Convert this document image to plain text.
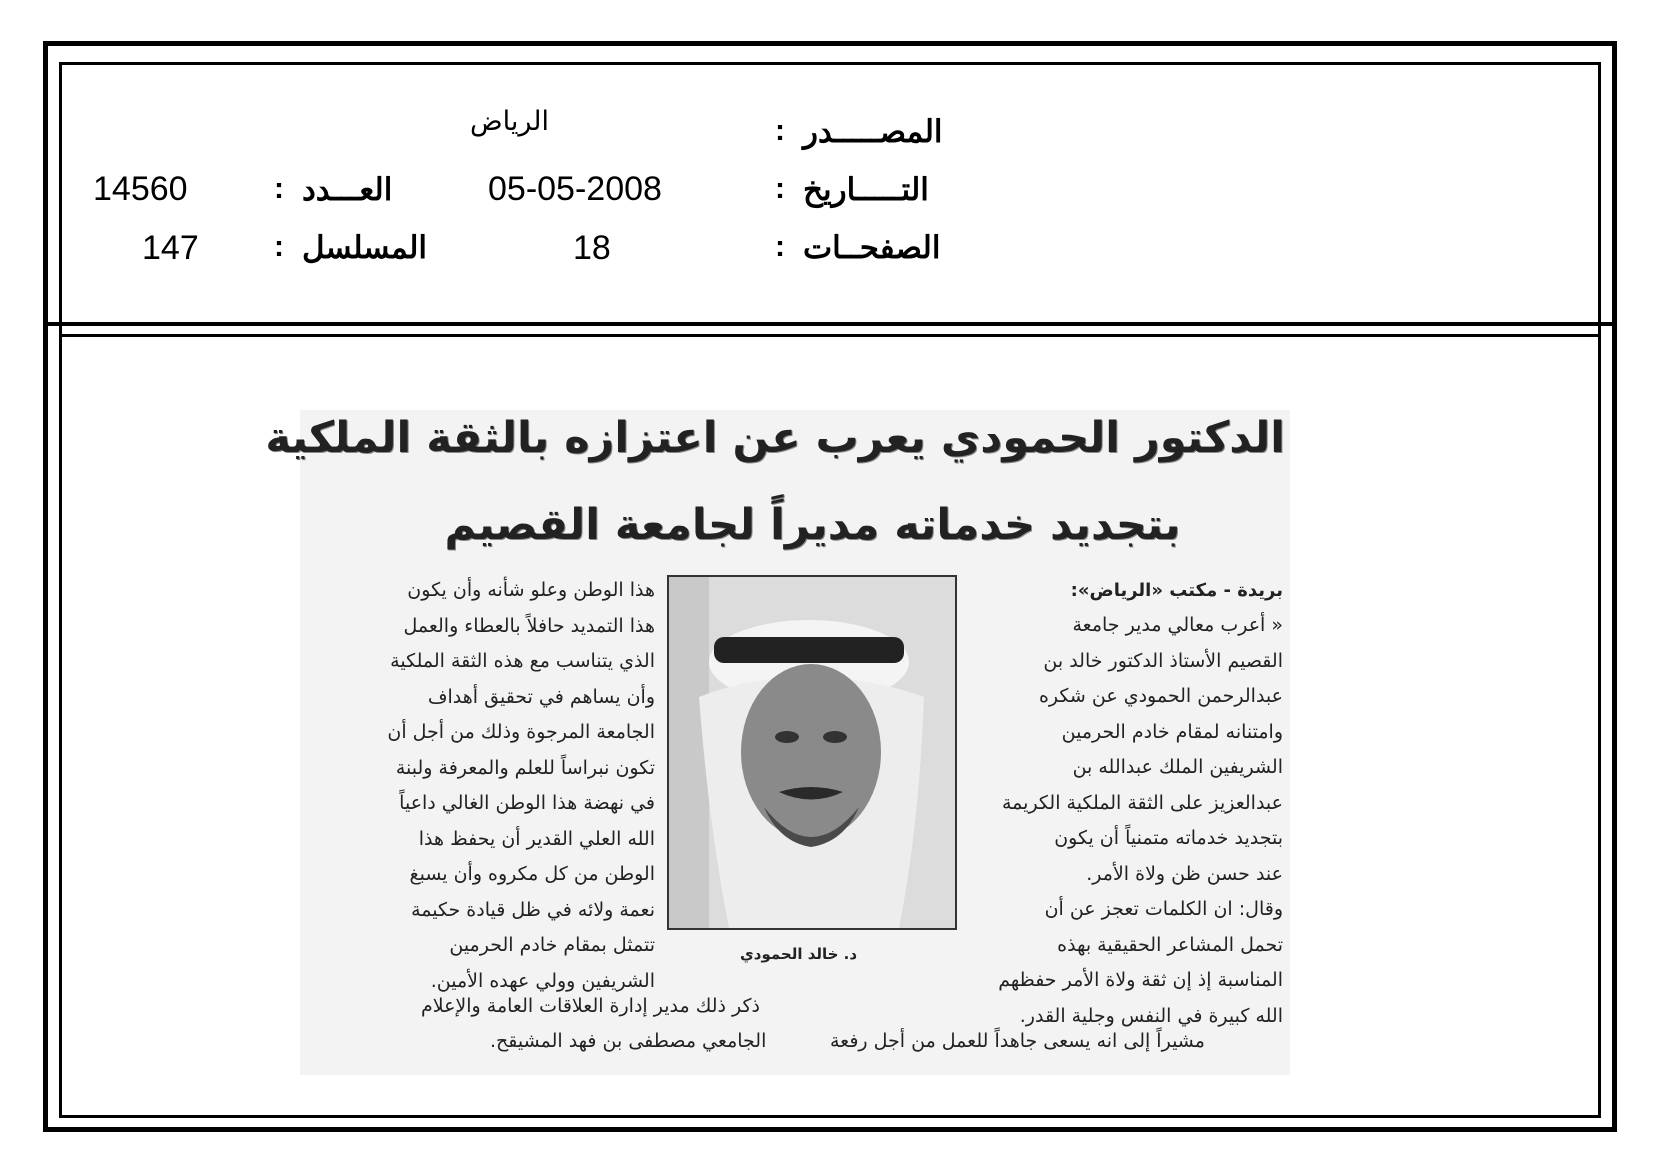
المصـــــدر
:
الرياض
التـــــاريخ
:
05-05-2008
العـــدد
:
14560
الصفحــات
:
18
المسلسل
:
147
الدكتور الحمودي يعرب عن اعتزازه بالثقة الملكية
بتجديد خدماته مديراً لجامعة القصيم
بريدة - مكتب «الرياض»:
« أعرب معالي مدير جامعة
القصيم الأستاذ الدكتور خالد بن
عبدالرحمن الحمودي عن شكره
وامتنانه لمقام خادم الحرمين
الشريفين الملك عبدالله بن
عبدالعزيز على الثقة الملكية الكريمة
بتجديد خدماته متمنياً أن يكون
عند حسن ظن ولاة الأمر.
وقال: ان الكلمات تعجز عن أن
تحمل المشاعر الحقيقية بهذه
المناسبة إذ إن ثقة ولاة الأمر حفظهم
الله كبيرة في النفس وجلية القدر.
هذا الوطن وعلو شأنه وأن يكون
هذا التمديد حافلاً بالعطاء والعمل
الذي يتناسب مع هذه الثقة الملكية
وأن يساهم في تحقيق أهداف
الجامعة المرجوة وذلك من أجل أن
تكون نبراساً للعلم والمعرفة ولبنة
في نهضة هذا الوطن الغالي داعياً
الله العلي القدير أن يحفظ هذا
الوطن من كل مكروه وأن يسبغ
نعمة ولائه في ظل قيادة حكيمة
تتمثل بمقام خادم الحرمين
الشريفين وولي عهده الأمين.
د. خالد الحمودي
ذكر ذلك مدير إدارة العلاقات العامة والإعلام
الجامعي مصطفى بن فهد المشيقح.	مشيراً إلى انه يسعى جاهداً للعمل من أجل رفعة
